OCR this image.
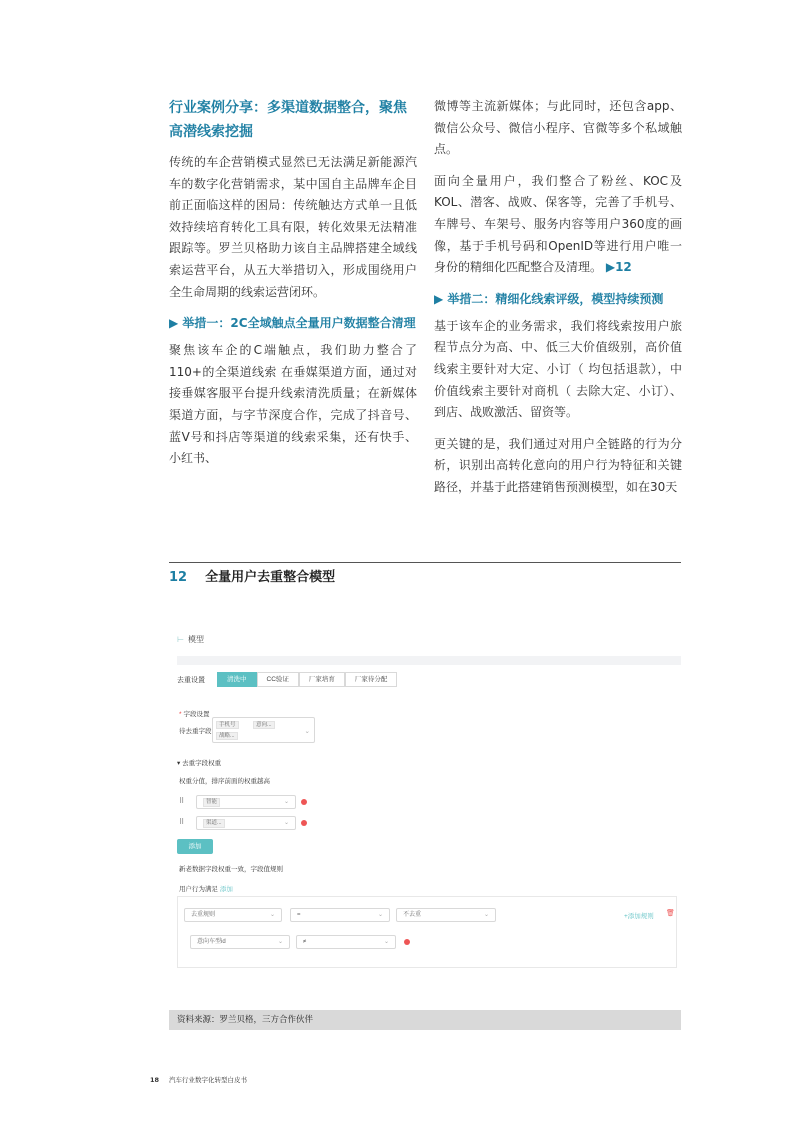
行业案例分享：多渠道数据整合，聚焦高潜线索挖掘
传统的车企营销模式显然已无法满足新能源汽车的数字化营销需求，某中国自主品牌车企目前正面临这样的困局：传统触达方式单一且低效持续培育转化工具有限，转化效果无法精准跟踪等。罗兰贝格助力该自主品牌搭建全域线索运营平台，从五大举措切入，形成围绕用户全生命周期的线索运营闭环。
▶ 举措一：2C全域触点全量用户数据整合清理
聚焦该车企的C端触点，我们助力整合了110+的全渠道线索 在垂媒渠道方面，通过对接垂媒客服平台提升线索清洗质量；在新媒体渠道方面，与字节深度合作，完成了抖音号、蓝V号和抖店等渠道的线索采集，还有快手、小红书、
微博等主流新媒体；与此同时，还包含app、微信公众号、微信小程序、官微等多个私域触点。
面向全量用户，我们整合了粉丝、KOC及KOL、潜客、战败、保客等，完善了手机号、车牌号、车架号、服务内容等用户360度的画像，基于手机号码和OpenID等进行用户唯一身份的精细化匹配整合及清理。 ▶12
▶ 举措二：精细化线索评级，模型持续预测
基于该车企的业务需求，我们将线索按用户旅程节点分为高、中、低三大价值级别，高价值线索主要针对大定、小订（ 均包括退款），中价值线索主要针对商机（ 去除大定、小订）、到店、战败激活、留资等。
更关键的是，我们通过对用户全链路的行为分析，识别出高转化意向的用户行为特征和关键路径，并基于此搭建销售预测模型，如在30天
12 全量用户去重整合模型
⊢ 模型
去重设置	清洗中	CC验证	厂家培育	厂家待分配
* 字段设置
待去重字段
手机号	意向...
战略...
⌄
▾ 去重字段权重
权重分值，排序前面的权重越高
⠿	智能	⌄
⠿	渠道...	⌄
添加
新老数据字段权重一致，字段值规则
用户行为满足 添加
去重规则	⌄	=	⌄	不去重	⌄	+添加规则 🗑
意向车型id	⌄	≠	⌄
资料来源：罗兰贝格，三方合作伙伴
18 汽车行业数字化转型白皮书
